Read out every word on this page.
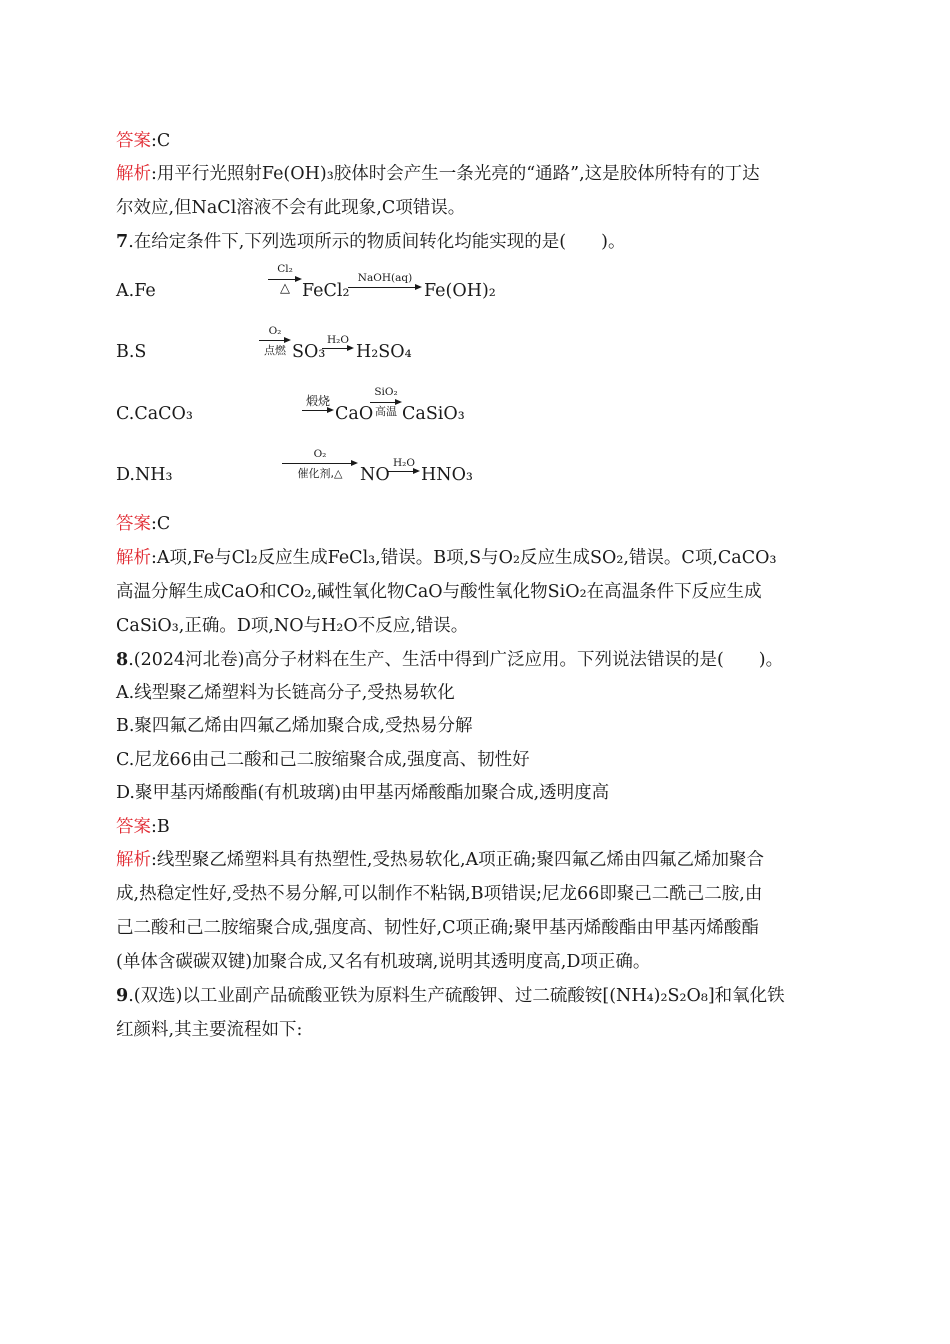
答案:C
解析:用平行光照射Fe(OH)₃胶体时会产生一条光亮的“通路”,这是胶体所特有的丁达
尔效应,但NaCl溶液不会有此现象,C项错误。
7.在给定条件下,下列选项所示的物质间转化均能实现的是(　　)。
A.Fe
Cl₂
△ FeCl₂
NaOH(aq)
Fe(OH)₂
B.S
O₂
点燃 SO₃
H₂O
H₂SO₄
C.CaCO₃
煅烧
CaO
SiO₂
高温 CaSiO₃
D.NH₃
O₂
催化剂,△	NO
H₂O
HNO₃
答案:C
解析:A项,Fe与Cl₂反应生成FeCl₃,错误。B项,S与O₂反应生成SO₂,错误。C项,CaCO₃
高温分解生成CaO和CO₂,碱性氧化物CaO与酸性氧化物SiO₂在高温条件下反应生成
CaSiO₃,正确。D项,NO与H₂O不反应,错误。
8.(2024河北卷)高分子材料在生产、生活中得到广泛应用。下列说法错误的是(　　)。
A.线型聚乙烯塑料为长链高分子,受热易软化
B.聚四氟乙烯由四氟乙烯加聚合成,受热易分解
C.尼龙66由己二酸和己二胺缩聚合成,强度高、韧性好
D.聚甲基丙烯酸酯(有机玻璃)由甲基丙烯酸酯加聚合成,透明度高
答案:B
解析:线型聚乙烯塑料具有热塑性,受热易软化,A项正确;聚四氟乙烯由四氟乙烯加聚合
成,热稳定性好,受热不易分解,可以制作不粘锅,B项错误;尼龙66即聚己二酰己二胺,由
己二酸和己二胺缩聚合成,强度高、韧性好,C项正确;聚甲基丙烯酸酯由甲基丙烯酸酯
(单体含碳碳双键)加聚合成,又名有机玻璃,说明其透明度高,D项正确。
9.(双选)以工业副产品硫酸亚铁为原料生产硫酸钾、过二硫酸铵[(NH₄)₂S₂O₈]和氧化铁
红颜料,其主要流程如下:
